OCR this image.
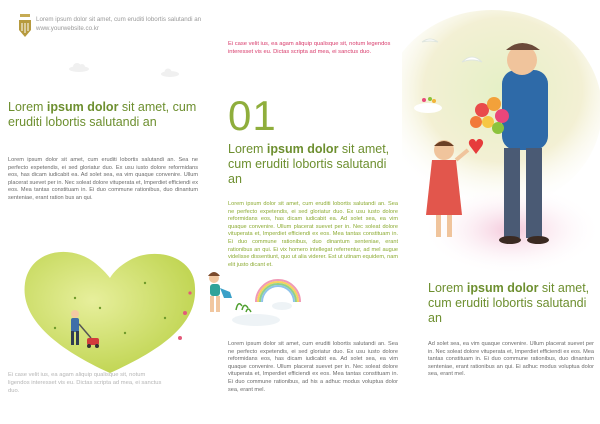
Lorem ipsum dolor sit amet, cum eruditi lobortis salutandi an
www.yourwebsite.co.kr
Lorem ipsum dolor sit amet, cum eruditi lobortis salutandi an
Lorem ipsum dolor sit amet, cum eruditi lobortis salutandi an. Sea ne perfecto expetendis, ei sed gloriatur duo. Ex usu iusto dolore reformidans eos, has dicam iudicabit ea. Ad solet sea, ea vim quaque convenire. Ullum placerat suevet per in. Nec soleat dolore vituperata et, Imperdiet efficiendi ex eos. Mea tantas constituam in. Ei duo commune rationibus, duo dinantum senteniae, erant ration bus an qui.
Ei case velit ius, ea agam aliquip qualisque sit, notum ligendos interesset vis eu. Dictas scripta ad mea, ei sanctus duo.
Ei case velit ius, ea agam aliquip qualisque sit, notum legendos interesset vis eu. Dictas scripta ad mea, ei sanctus duo.
01
Lorem ipsum dolor sit amet, cum eruditi lobortis salutandi an
Lorem ipsum dolor sit amet, cum eruditi lobortis salutandi an. Sea ne perfecto expetendis, ei sed gloriatur duo. Ex usu iusto dolore reformidans eos, has dicam iudicabit ea. Ad solet sea, ea vim quaque convenire. Ullum placerat suevet per in. Nec soleat dolore vituperata et, Imperdiet efficiendi ex eos. Mea tantas constituam in. Ei duo commune rationibus, duo dinantum senteniae, erant rationibus an qui. Ei vix homero intellegat referrentur, ad mel augue videlisse dissentiunt, quo ut alia viderer. Est ut utinam equidem, nam elit justo dicant et.
Lorem ipsum dolor sit amet, cum eruditi lobortis salutandi an. Sea ne perfecto expetendis, ei sed gloriatur duo. Ex usu iusto dolore reformidans eos, has dicam iudicabit ea. Ad solet sea, ea vim quaque convenire. Ullum placerat suevet per in. Nec soleat dolore vituperata et, Imperdiet efficiendi ex eos. Mea tantas constituam in. Ei duo commune rationibus, ad his a adhuc modus voluptua dolor sea, erant mel.
Lorem ipsum dolor sit amet, cum eruditi lobortis salutandi an
Ad solet sea, ea vim quaque convenire. Ullum placerat suevet per in. Nec soleat dolore vituperata et, Imperdiet efficiendi ex eos. Mea tantas constituam in. Ei duo commune rationibus, duo dinantum senteniae, erant rationibus an qui. Ei adhuc modus voluptua dolor sea, erant mel.
